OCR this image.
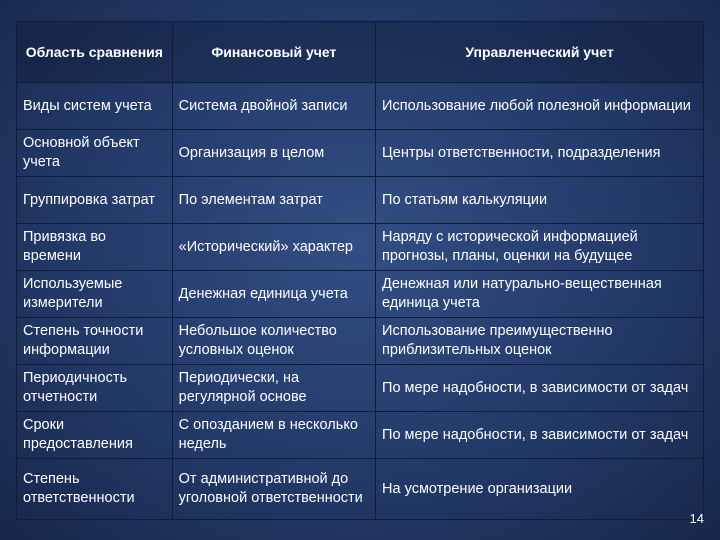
Область сравнения	Финансовый учет	Управленческий учет
Виды систем учета	Система двойной записи	Использование любой полезной информации
Основной объект учета	Организация в целом	Центры ответственности, подразделения
Группировка затрат	По элементам затрат	По статьям калькуляции
Привязка во времени	«Исторический» характер	Наряду с исторической информацией прогнозы, планы, оценки на будущее
Используемые измерители	Денежная единица учета	Денежная или натурально-вещественная единица учета
Степень точности информации	Небольшое количество условных оценок	Использование преимущественно приблизительных оценок
Периодичность отчетности	Периодически, на регулярной основе	По мере надобности, в зависимости от задач
Сроки предоставления	С опозданием в несколько недель	По мере надобности, в зависимости от задач
Степень ответственности	От административной до уголовной ответственности	На усмотрение организации
14
